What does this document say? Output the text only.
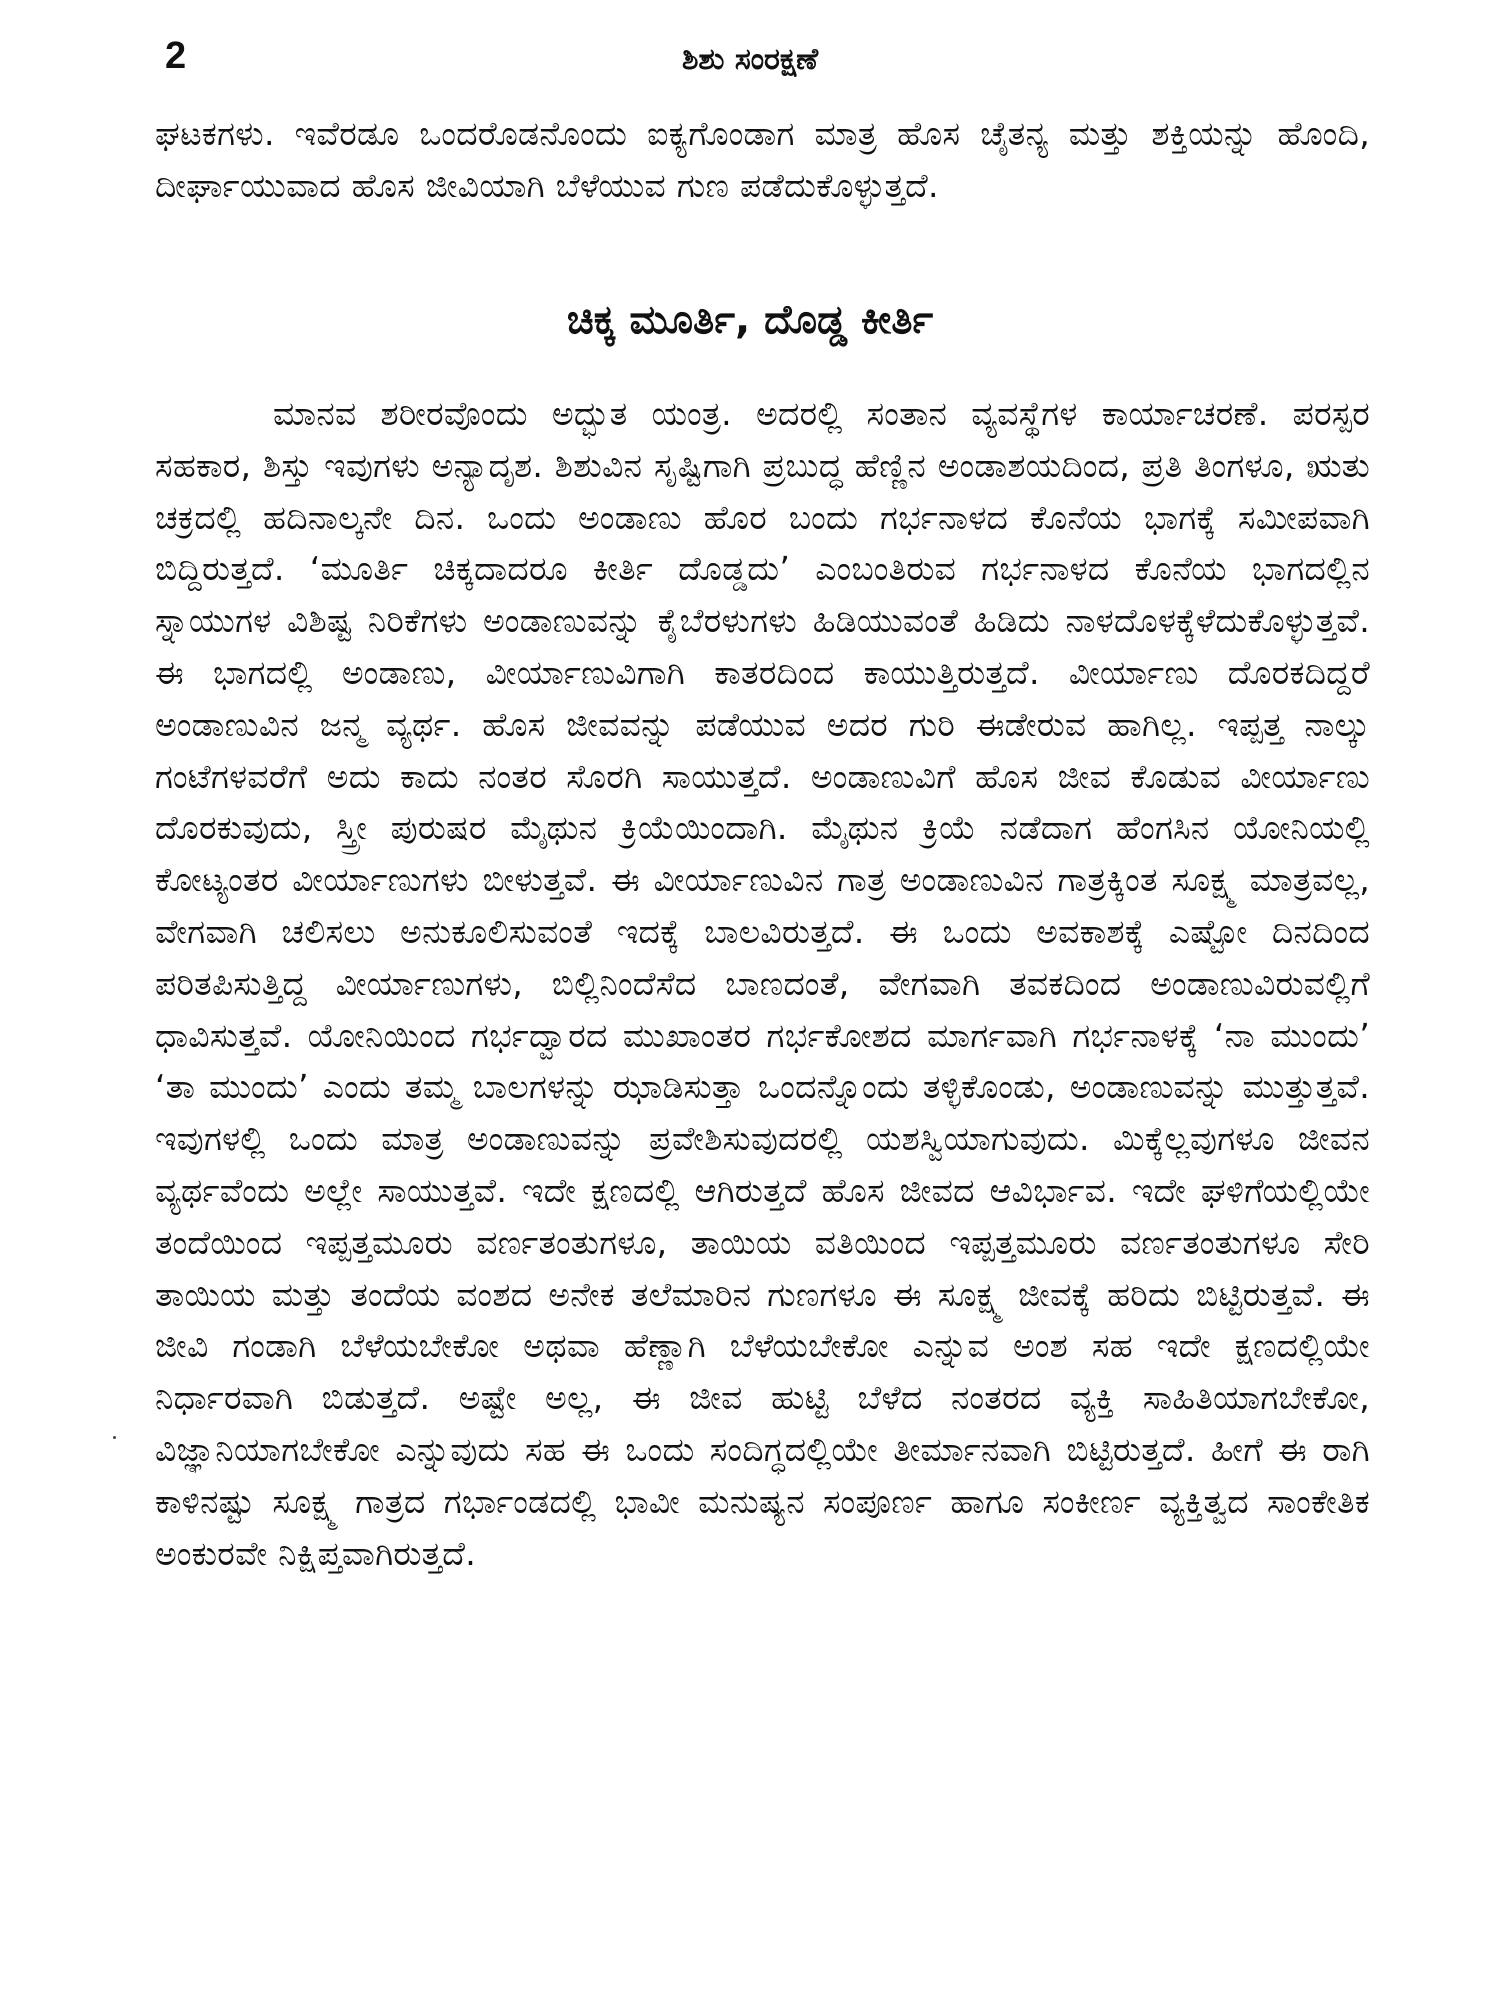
2	ಶಿಶು ಸಂರಕ್ಷಣೆ

ಘಟಕಗಳು. ಇವೆರಡೂ ಒಂದರೊಡನೊಂದು ಐಕ್ಯಗೊಂಡಾಗ ಮಾತ್ರ ಹೊಸ ಚೈತನ್ಯ ಮತ್ತು ಶಕ್ತಿಯನ್ನು ಹೊಂದಿ, ದೀರ್ಘಾಯುವಾದ ಹೊಸ ಜೀವಿಯಾಗಿ ಬೆಳೆಯುವ ಗುಣ ಪಡೆದುಕೊಳ್ಳುತ್ತದೆ.

ಚಿಕ್ಕ ಮೂರ್ತಿ, ದೊಡ್ಡ ಕೀರ್ತಿ

ಮಾನವ ಶರೀರವೊಂದು ಅದ್ಭುತ ಯಂತ್ರ. ಅದರಲ್ಲಿ ಸಂತಾನ ವ್ಯವಸ್ಥೆಗಳ ಕಾರ್ಯಾಚರಣೆ. ಪರಸ್ಪರ ಸಹಕಾರ, ಶಿಸ್ತು ಇವುಗಳು ಅನ್ಯಾದೃಶ. ಶಿಶುವಿನ ಸೃಷ್ಟಿಗಾಗಿ ಪ್ರಬುದ್ಧ ಹೆಣ್ಣಿನ ಅಂಡಾಶಯದಿಂದ, ಪ್ರತಿ ತಿಂಗಳೂ, ಋತು ಚಕ್ರದಲ್ಲಿ ಹದಿನಾಲ್ಕನೇ ದಿನ. ಒಂದು ಅಂಡಾಣು ಹೊರ ಬಂದು ಗರ್ಭನಾಳದ ಕೊನೆಯ ಭಾಗಕ್ಕೆ ಸಮೀಪವಾಗಿ ಬಿದ್ದಿರುತ್ತದೆ. ‘ಮೂರ್ತಿ ಚಿಕ್ಕದಾದರೂ ಕೀರ್ತಿ ದೊಡ್ಡದು’ ಎಂಬಂತಿರುವ ಗರ್ಭನಾಳದ ಕೊನೆಯ ಭಾಗದಲ್ಲಿನ ಸ್ನಾಯುಗಳ ವಿಶಿಷ್ಟ ನಿರಿಕೆಗಳು ಅಂಡಾಣುವನ್ನು ಕೈಬೆರಳುಗಳು ಹಿಡಿಯುವಂತೆ ಹಿಡಿದು ನಾಳದೊಳಕ್ಕೆಳೆದುಕೊಳ್ಳುತ್ತವೆ. ಈ ಭಾಗದಲ್ಲಿ ಅಂಡಾಣು, ವೀರ್ಯಾಣುವಿಗಾಗಿ ಕಾತರದಿಂದ ಕಾಯುತ್ತಿರುತ್ತದೆ. ವೀರ್ಯಾಣು ದೊರಕದಿದ್ದರೆ ಅಂಡಾಣುವಿನ ಜನ್ಮ ವ್ಯರ್ಥ. ಹೊಸ ಜೀವವನ್ನು ಪಡೆಯುವ ಅದರ ಗುರಿ ಈಡೇರುವ ಹಾಗಿಲ್ಲ. ಇಪ್ಪತ್ತ ನಾಲ್ಕು ಗಂಟೆಗಳವರೆಗೆ ಅದು ಕಾದು ನಂತರ ಸೊರಗಿ ಸಾಯುತ್ತದೆ. ಅಂಡಾಣುವಿಗೆ ಹೊಸ ಜೀವ ಕೊಡುವ ವೀರ್ಯಾಣು ದೊರಕುವುದು, ಸ್ತ್ರೀ ಪುರುಷರ ಮೈಥುನ ಕ್ರಿಯೆಯಿಂದಾಗಿ. ಮೈಥುನ ಕ್ರಿಯೆ ನಡೆದಾಗ ಹೆಂಗಸಿನ ಯೋನಿಯಲ್ಲಿ ಕೋಟ್ಯಂತರ ವೀರ್ಯಾಣುಗಳು ಬೀಳುತ್ತವೆ. ಈ ವೀರ್ಯಾಣುವಿನ ಗಾತ್ರ ಅಂಡಾಣುವಿನ ಗಾತ್ರಕ್ಕಿಂತ ಸೂಕ್ಷ್ಮ ಮಾತ್ರವಲ್ಲ, ವೇಗವಾಗಿ ಚಲಿಸಲು ಅನುಕೂಲಿಸುವಂತೆ ಇದಕ್ಕೆ ಬಾಲವಿರುತ್ತದೆ. ಈ ಒಂದು ಅವಕಾಶಕ್ಕೆ ಎಷ್ಟೋ ದಿನದಿಂದ ಪರಿತಪಿಸುತ್ತಿದ್ದ ವೀರ್ಯಾಣುಗಳು, ಬಿಲ್ಲಿನಿಂದೆಸೆದ ಬಾಣದಂತೆ, ವೇಗವಾಗಿ ತವಕದಿಂದ ಅಂಡಾಣುವಿರುವಲ್ಲಿಗೆ ಧಾವಿಸುತ್ತವೆ. ಯೋನಿಯಿಂದ ಗರ್ಭದ್ವಾರದ ಮುಖಾಂತರ ಗರ್ಭಕೋಶದ ಮಾರ್ಗವಾಗಿ ಗರ್ಭನಾಳಕ್ಕೆ ‘ನಾ ಮುಂದು’ ‘ತಾ ಮುಂದು’ ಎಂದು ತಮ್ಮ ಬಾಲಗಳನ್ನು ಝಾಡಿಸುತ್ತಾ ಒಂದನ್ನೊಂದು ತಳ್ಳಿಕೊಂಡು, ಅಂಡಾಣುವನ್ನು ಮುತ್ತುತ್ತವೆ. ಇವುಗಳಲ್ಲಿ ಒಂದು ಮಾತ್ರ ಅಂಡಾಣುವನ್ನು ಪ್ರವೇಶಿಸುವುದರಲ್ಲಿ ಯಶಸ್ವಿಯಾಗುವುದು. ಮಿಕ್ಕೆಲ್ಲವುಗಳೂ ಜೀವನ ವ್ಯರ್ಥವೆಂದು ಅಲ್ಲೇ ಸಾಯುತ್ತವೆ. ಇದೇ ಕ್ಷಣದಲ್ಲಿ ಆಗಿರುತ್ತದೆ ಹೊಸ ಜೀವದ ಆವಿರ್ಭಾವ. ಇದೇ ಘಳಿಗೆಯಲ್ಲಿಯೇ ತಂದೆಯಿಂದ ಇಪ್ಪತ್ತಮೂರು ವರ್ಣತಂತುಗಳೂ, ತಾಯಿಯ ವತಿಯಿಂದ ಇಪ್ಪತ್ತಮೂರು ವರ್ಣತಂತುಗಳೂ ಸೇರಿ ತಾಯಿಯ ಮತ್ತು ತಂದೆಯ ವಂಶದ ಅನೇಕ ತಲೆಮಾರಿನ ಗುಣಗಳೂ ಈ ಸೂಕ್ಷ್ಮ ಜೀವಕ್ಕೆ ಹರಿದು ಬಿಟ್ಟಿರುತ್ತವೆ. ಈ ಜೀವಿ ಗಂಡಾಗಿ ಬೆಳೆಯಬೇಕೋ ಅಥವಾ ಹೆಣ್ಣಾಗಿ ಬೆಳೆಯಬೇಕೋ ಎನ್ನುವ ಅಂಶ ಸಹ ಇದೇ ಕ್ಷಣದಲ್ಲಿಯೇ ನಿರ್ಧಾರವಾಗಿ ಬಿಡುತ್ತದೆ. ಅಷ್ಟೇ ಅಲ್ಲ, ಈ ಜೀವ ಹುಟ್ಟಿ ಬೆಳೆದ ನಂತರದ ವ್ಯಕ್ತಿ ಸಾಹಿತಿಯಾಗಬೇಕೋ, ವಿಜ್ಞಾನಿಯಾಗಬೇಕೋ ಎನ್ನುವುದು ಸಹ ಈ ಒಂದು ಸಂದಿಗ್ಧದಲ್ಲಿಯೇ ತೀರ್ಮಾನವಾಗಿ ಬಿಟ್ಟಿರುತ್ತದೆ. ಹೀಗೆ ಈ ರಾಗಿ ಕಾಳಿನಷ್ಟು ಸೂಕ್ಷ್ಮ ಗಾತ್ರದ ಗರ್ಭಾಂಡದಲ್ಲಿ ಭಾವೀ ಮನುಷ್ಯನ ಸಂಪೂರ್ಣ ಹಾಗೂ ಸಂಕೀರ್ಣ ವ್ಯಕ್ತಿತ್ವದ ಸಾಂಕೇತಿಕ ಅಂಕುರವೇ ನಿಕ್ಷಿಪ್ತವಾಗಿರುತ್ತದೆ.
